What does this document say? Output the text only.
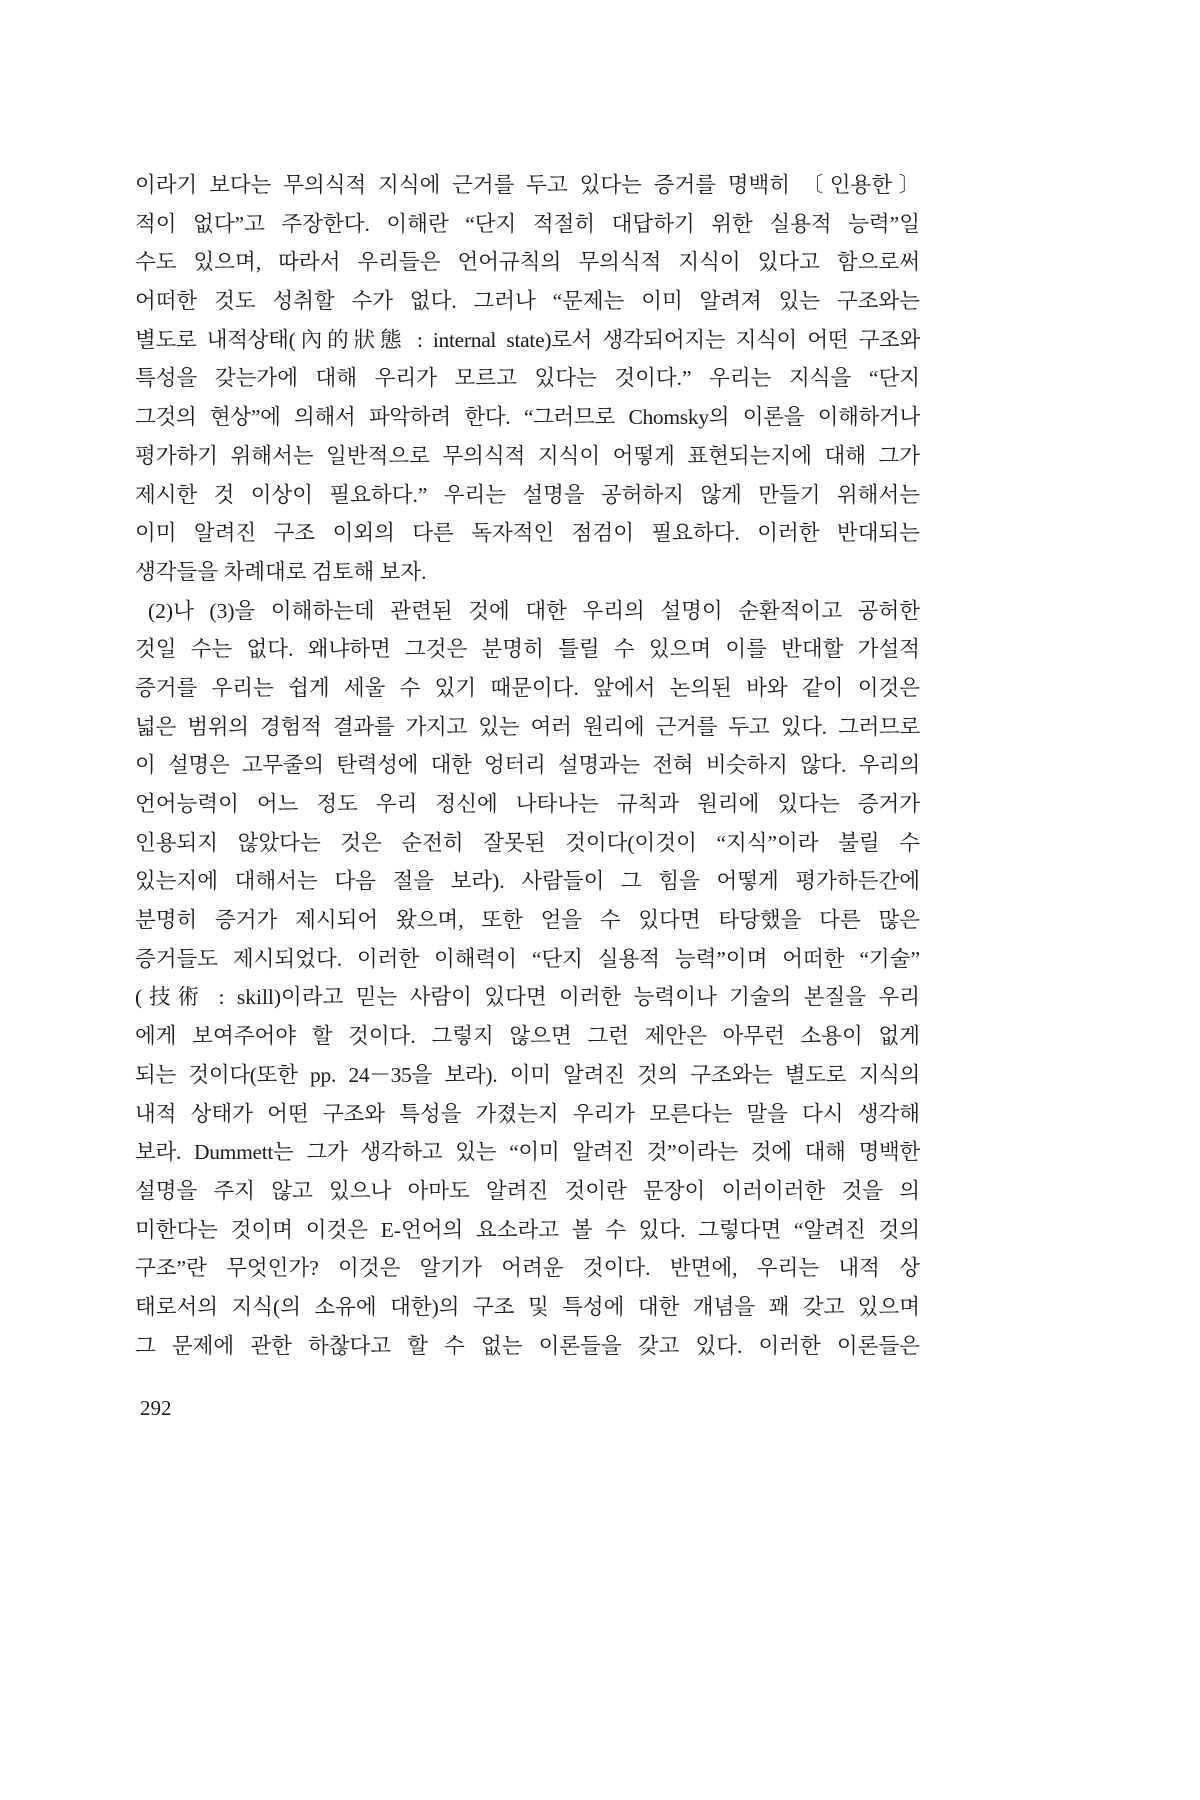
이라기 보다는 무의식적 지식에 근거를 두고 있다는 증거를 명백히 〔인용한〕
적이 없다”고 주장한다. 이해란 “단지 적절히 대답하기 위한 실용적 능력”일
수도 있으며, 따라서 우리들은 언어규칙의 무의식적 지식이 있다고 함으로써
어떠한 것도 성취할 수가 없다. 그러나 “문제는 이미 알려져 있는 구조와는
별도로 내적상태(內的狀態 : internal state)로서 생각되어지는 지식이 어떤 구조와
특성을 갖는가에 대해 우리가 모르고 있다는 것이다.” 우리는 지식을 “단지
그것의 현상”에 의해서 파악하려 한다. “그러므로 Chomsky의 이론을 이해하거나
평가하기 위해서는 일반적으로 무의식적 지식이 어떻게 표현되는지에 대해 그가
제시한 것 이상이 필요하다.” 우리는 설명을 공허하지 않게 만들기 위해서는
이미 알려진 구조 이외의 다른 독자적인 점검이 필요하다. 이러한 반대되는
생각들을 차례대로 검토해 보자.
(2)나 (3)을 이해하는데 관련된 것에 대한 우리의 설명이 순환적이고 공허한
것일 수는 없다. 왜냐하면 그것은 분명히 틀릴 수 있으며 이를 반대할 가설적
증거를 우리는 쉽게 세울 수 있기 때문이다. 앞에서 논의된 바와 같이 이것은
넓은 범위의 경험적 결과를 가지고 있는 여러 원리에 근거를 두고 있다. 그러므로
이 설명은 고무줄의 탄력성에 대한 엉터리 설명과는 전혀 비슷하지 않다. 우리의
언어능력이 어느 정도 우리 정신에 나타나는 규칙과 원리에 있다는 증거가
인용되지 않았다는 것은 순전히 잘못된 것이다(이것이 “지식”이라 불릴 수
있는지에 대해서는 다음 절을 보라). 사람들이 그 힘을 어떻게 평가하든간에
분명히 증거가 제시되어 왔으며, 또한 얻을 수 있다면 타당했을 다른 많은
증거들도 제시되었다. 이러한 이해력이 “단지 실용적 능력”이며 어떠한 “기술”
(技術 : skill)이라고 믿는 사람이 있다면 이러한 능력이나 기술의 본질을 우리
에게 보여주어야 할 것이다. 그렇지 않으면 그런 제안은 아무런 소용이 없게
되는 것이다(또한 pp. 24－35을 보라). 이미 알려진 것의 구조와는 별도로 지식의
내적 상태가 어떤 구조와 특성을 가졌는지 우리가 모른다는 말을 다시 생각해
보라. Dummett는 그가 생각하고 있는 “이미 알려진 것”이라는 것에 대해 명백한
설명을 주지 않고 있으나 아마도 알려진 것이란 문장이 이러이러한 것을 의
미한다는 것이며 이것은 E-언어의 요소라고 볼 수 있다. 그렇다면 “알려진 것의
구조”란 무엇인가? 이것은 알기가 어려운 것이다. 반면에, 우리는 내적 상
태로서의 지식(의 소유에 대한)의 구조 및 특성에 대한 개념을 꽤 갖고 있으며
그 문제에 관한 하찮다고 할 수 없는 이론들을 갖고 있다. 이러한 이론들은
292
